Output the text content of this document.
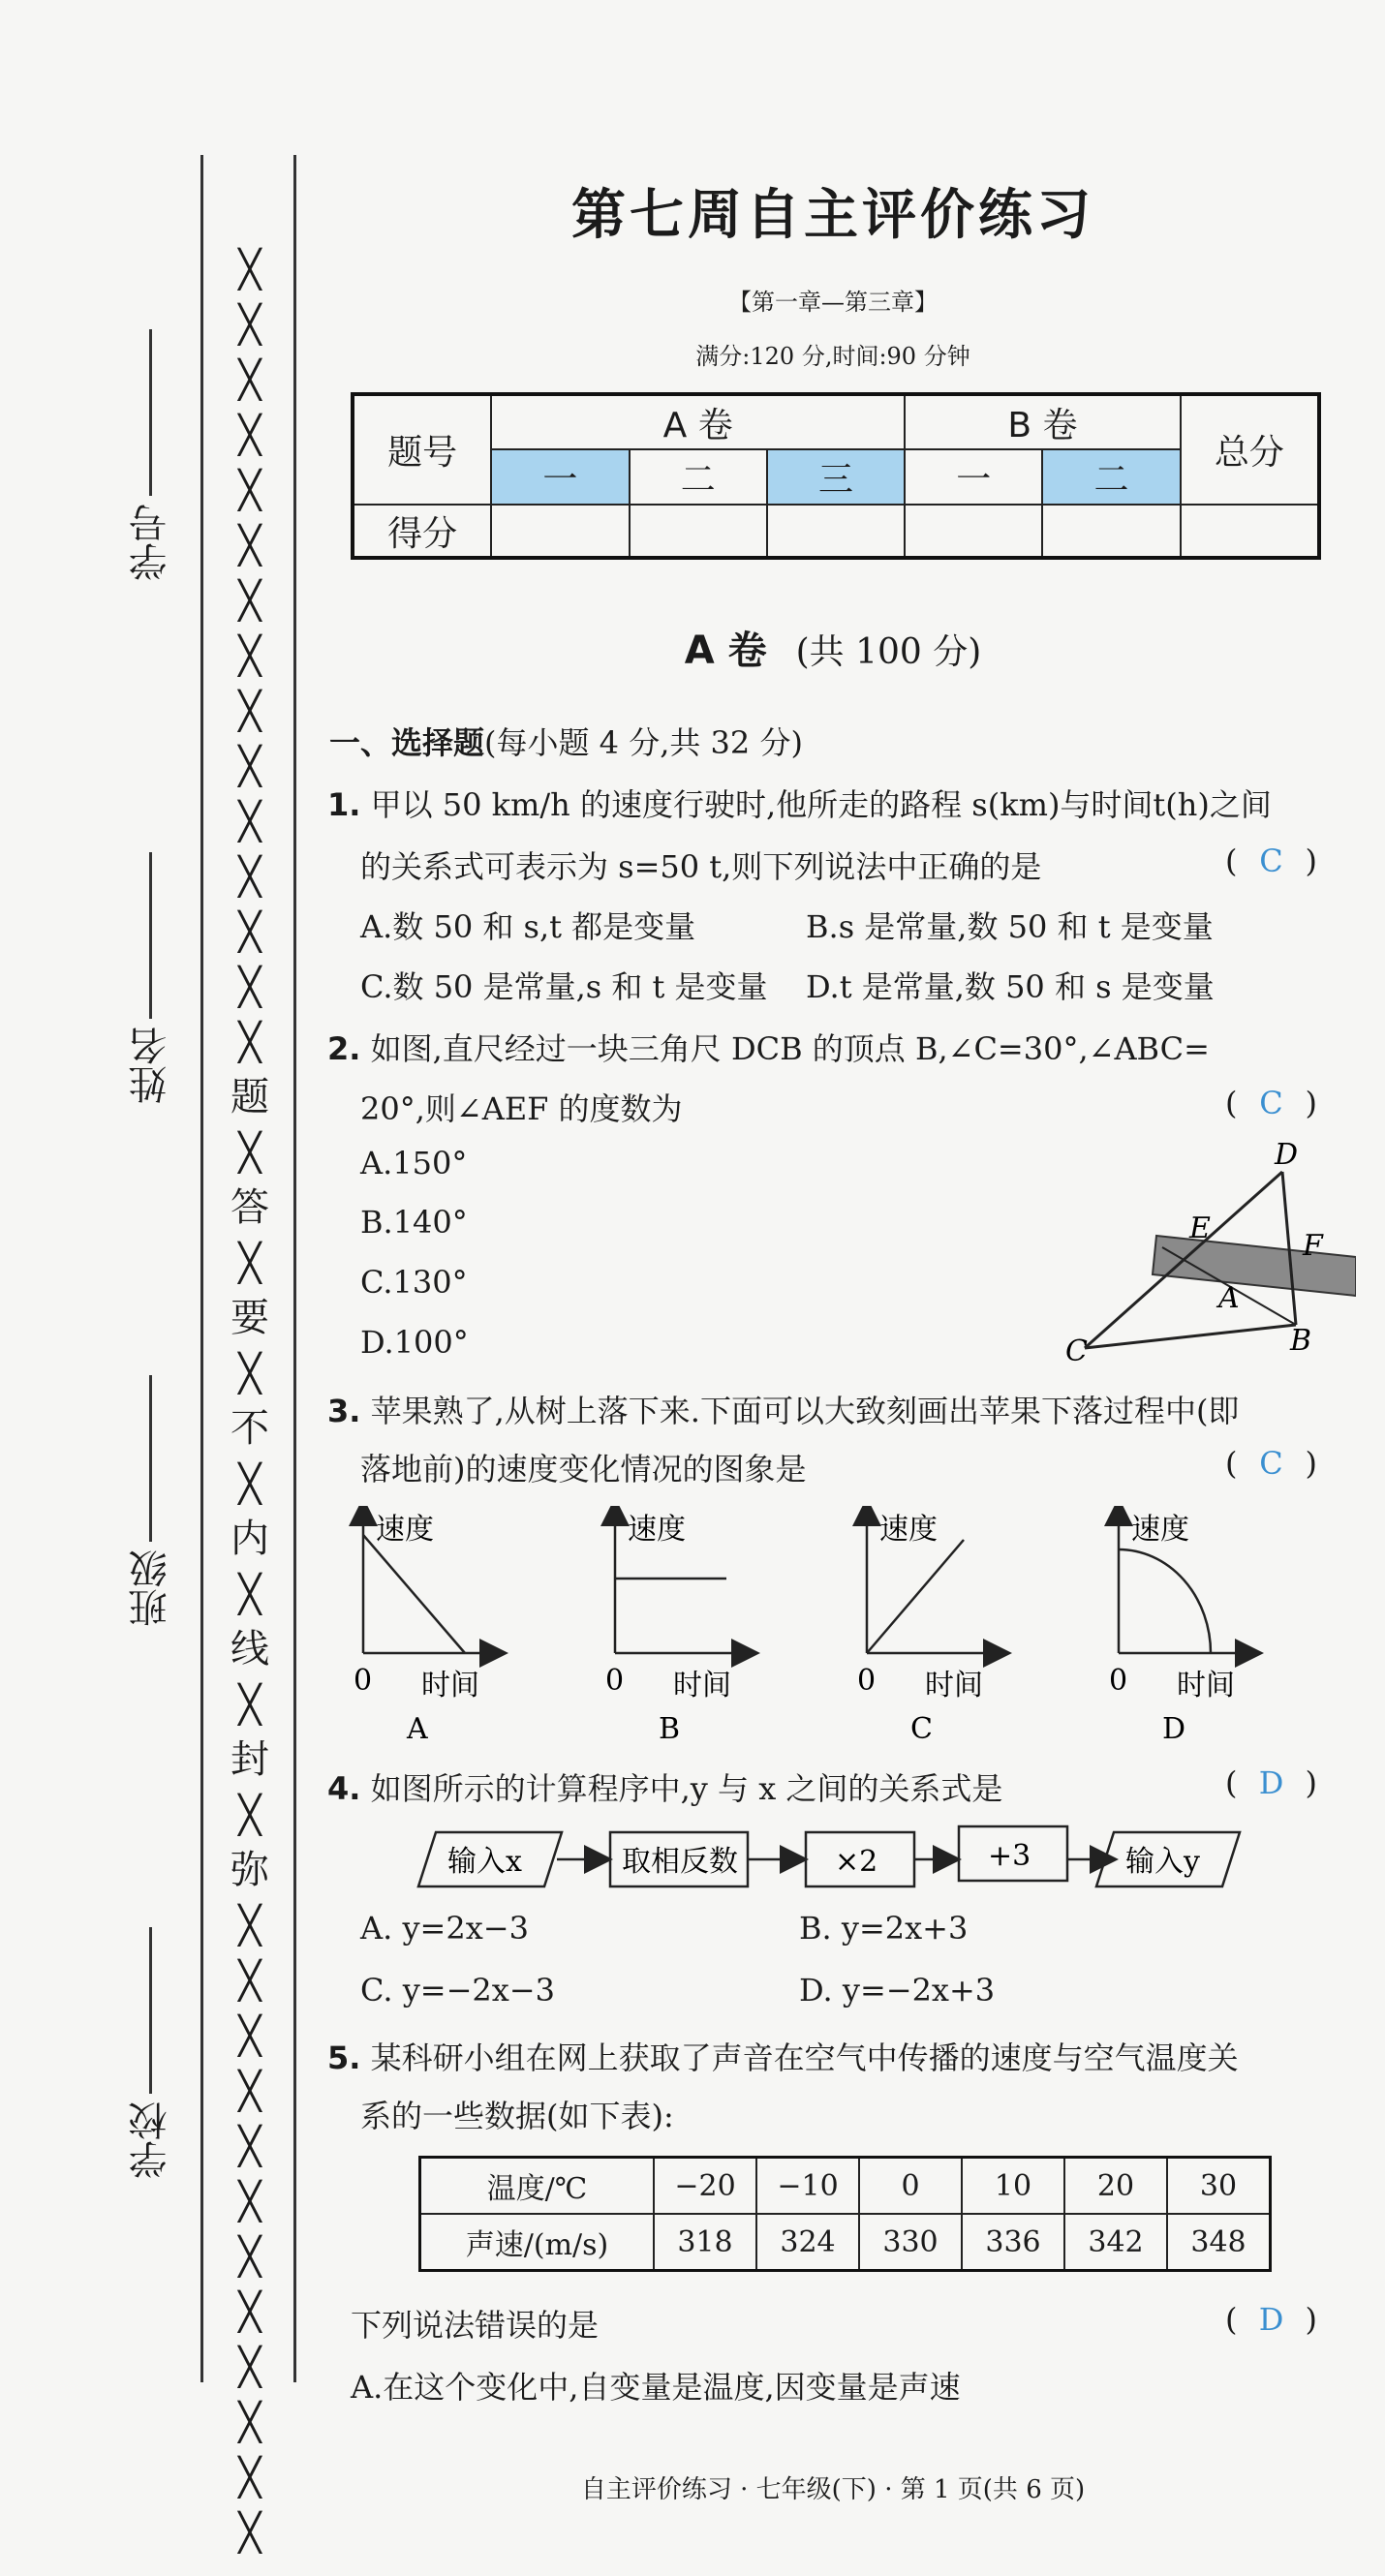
╳
╳
╳
╳
╳
╳
╳
╳
╳
╳
╳
╳
╳
╳
╳
题
╳
答
╳
要
╳
不
╳
内
╳
线
╳
封
╳
弥
╳
╳
╳
╳
╳
╳
╳
╳
╳
╳
╳
╳
学号
姓名
班级
学校
第七周自主评价练习
【第一章—第三章】
满分:120 分,时间:90 分钟
题号	A 卷			B 卷		总分
	一	二	三	一	二	
得分						
A 卷 (共 100 分)
一、选择题(每小题 4 分,共 32 分)
1. 甲以 50 km/h 的速度行驶时,他所走的路程 s(km)与时间t(h)之间
的关系式可表示为 s=50 t,则下列说法中正确的是	( C )
A.数 50 和 s,t 都是变量	B.s 是常量,数 50 和 t 是变量
C.数 50 是常量,s 和 t 是变量 D.t 是常量,数 50 和 s 是变量
2. 如图,直尺经过一块三角尺 DCB 的顶点 B,∠C=30°,∠ABC=
20°,则∠AEF 的度数为	( C )
A.150°
B.140°
C.130°
D.100°
D
E
F
A
B
C
3. 苹果熟了,从树上落下来.下面可以大致刻画出苹果下落过程中(即
落地前)的速度变化情况的图象是	( C )
速度
0 时间
A
速度
0 时间
B
速度
0 时间
C
速度
0 时间
D
4. 如图所示的计算程序中,y 与 x 之间的关系式是	( D )
输入x	取相反数	×2	+3	输入y
A. y=2x−3	B. y=2x+3
C. y=−2x−3	D. y=−2x+3
5. 某科研小组在网上获取了声音在空气中传播的速度与空气温度关
系的一些数据(如下表):
温度/℃	−20	−10	0	10	20	30
声速/(m/s)	318	324	330	336	342	348
下列说法错误的是	( D )
A.在这个变化中,自变量是温度,因变量是声速
自主评价练习 · 七年级(下) · 第 1 页(共 6 页)
